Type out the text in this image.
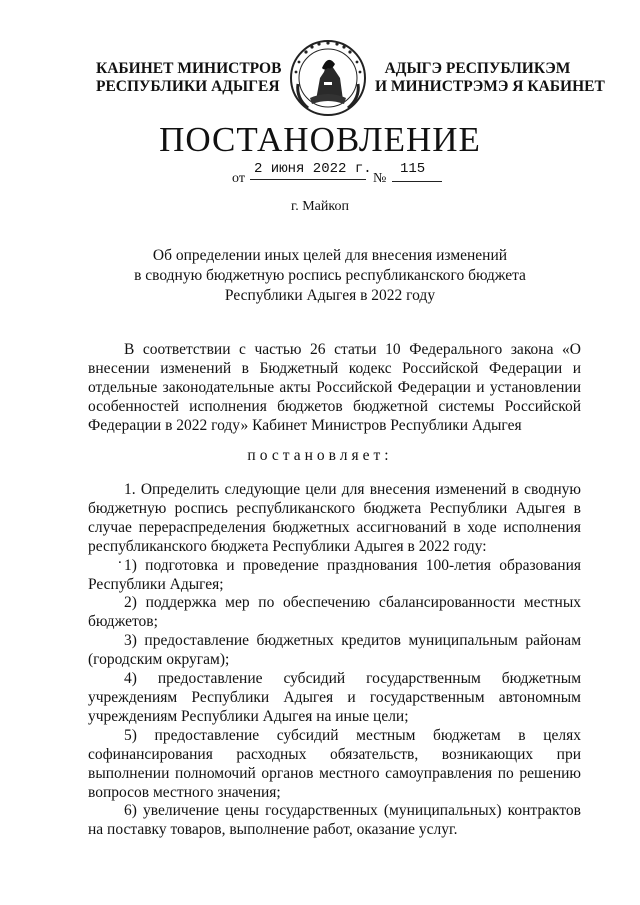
КАБИНЕТ МИНИСТРОВ
РЕСПУБЛИКИ АДЫГЕЯ
АДЫГЭ РЕСПУБЛИКЭМ
И МИНИСТРЭМЭ Я КАБИНЕТ
ПОСТАНОВЛЕНИЕ
от
2 июня 2022 г.
№
115
г. Майкоп
Об определении иных целей для внесения изменений
в сводную бюджетную роспись республиканского бюджета
Республики Адыгея в 2022 году

В соответствии с частью 26 статьи 10 Федерального закона «О внесении изменений в Бюджетный кодекс Российской Федерации и отдельные законодательные акты Российской Федерации и установлении особенностей исполнения бюджетов бюджетной системы Российской Федерации в 2022 году» Кабинет Министров Республики Адыгея

постановляет:

1. Определить следующие цели для внесения изменений в сводную бюджетную роспись республиканского бюджета Республики Адыгея в случае перераспределения бюджетных ассигнований в ходе исполнения республиканского бюджета Республики Адыгея в 2022 году:

1) подготовка и проведение празднования 100-летия образования Республики Адыгея;

2) поддержка мер по обеспечению сбалансированности местных бюджетов;

3) предоставление бюджетных кредитов муниципальным районам (городским округам);

4) предоставление субсидий государственным бюджетным учреждениям Республики Адыгея и государственным автономным учреждениям Республики Адыгея на иные цели;

5) предоставление субсидий местным бюджетам в целях софинансирования расходных обязательств, возникающих при выполнении полномочий органов местного самоуправления по решению вопросов местного значения;

6) увеличение цены государственных (муниципальных) контрактов на поставку товаров, выполнение работ, оказание услуг.

.
